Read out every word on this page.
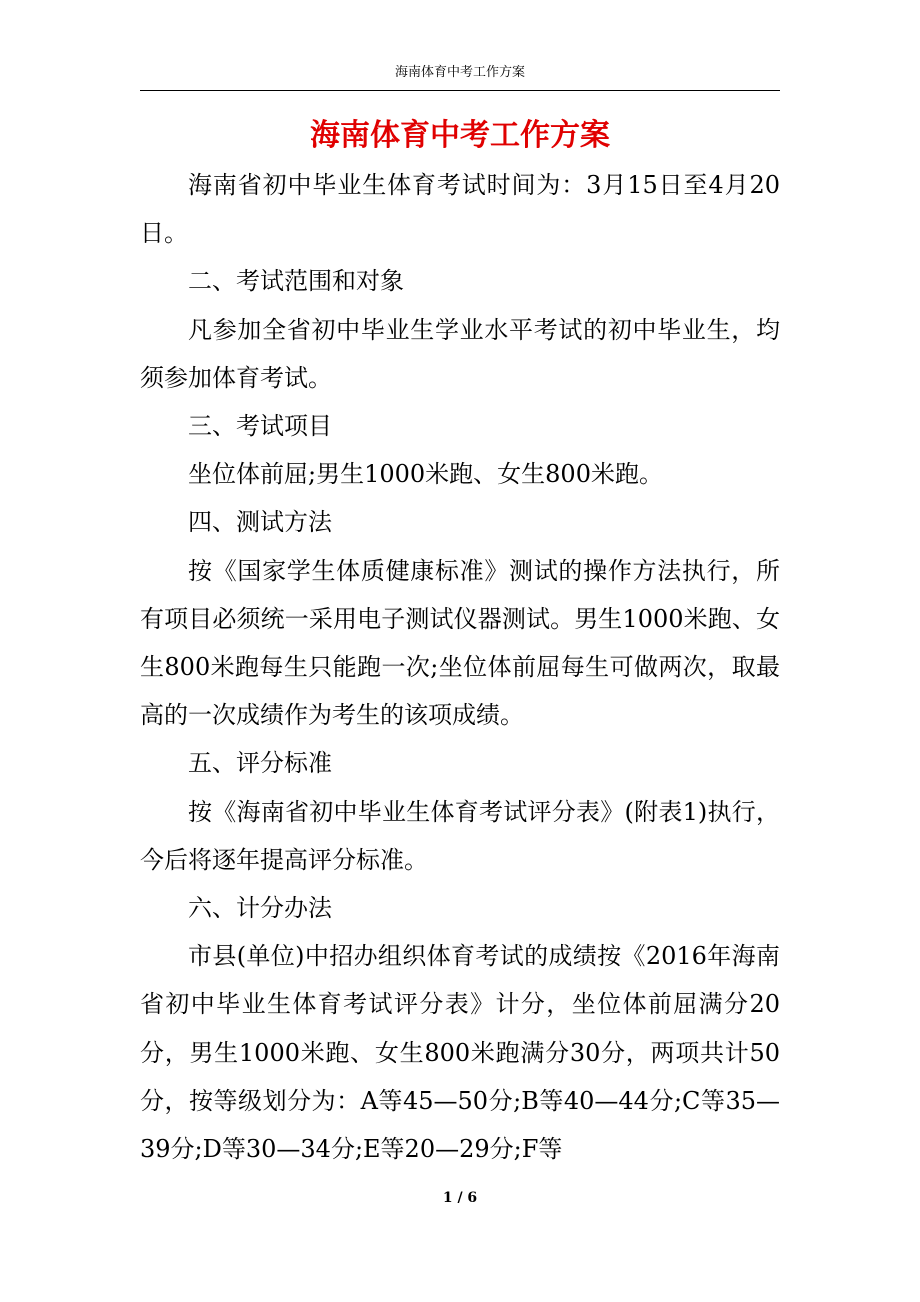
海南体育中考工作方案
海南体育中考工作方案

海南省初中毕业生体育考试时间为：3月15日至4月20日。

二、考试范围和对象

凡参加全省初中毕业生学业水平考试的初中毕业生，均须参加体育考试。

三、考试项目

坐位体前屈;男生1000米跑、女生800米跑。

四、测试方法

按《国家学生体质健康标准》测试的操作方法执行，所有项目必须统一采用电子测试仪器测试。男生1000米跑、女生800米跑每生只能跑一次;坐位体前屈每生可做两次，取最高的一次成绩作为考生的该项成绩。

五、评分标准

按《海南省初中毕业生体育考试评分表》(附表1)执行，今后将逐年提高评分标准。

六、计分办法

市县(单位)中招办组织体育考试的成绩按《2016年海南省初中毕业生体育考试评分表》计分，坐位体前屈满分20分，男生1000米跑、女生800米跑满分30分，两项共计50分，按等级划分为：A等45—50分;B等40—44分;C等35—39分;D等30—34分;E等20—29分;F等

1 / 6
